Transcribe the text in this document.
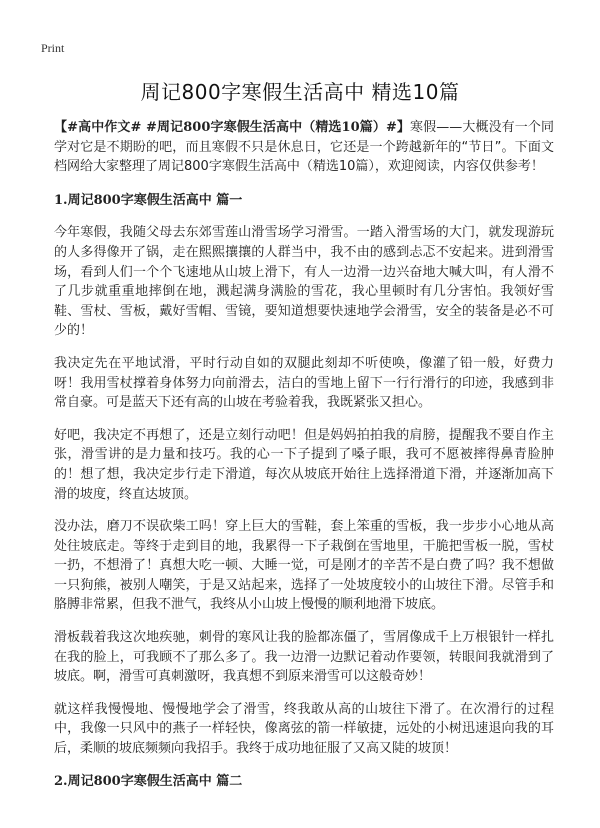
Print
周记800字寒假生活高中 精选10篇

【#高中作文# #周记800字寒假生活高中（精选10篇）#】寒假——大概没有一个同学对它是不期盼的吧，而且寒假不只是休息日，它还是一个跨越新年的“节日”。下面文档网给大家整理了周记800字寒假生活高中（精选10篇），欢迎阅读，内容仅供参考！

1.周记800字寒假生活高中 篇一

今年寒假，我随父母去东郊雪莲山滑雪场学习滑雪。一踏入滑雪场的大门，就发现游玩的人多得像开了锅，走在熙熙攘攘的人群当中，我不由的感到忐忑不安起来。进到滑雪场，看到人们一个个飞速地从山坡上滑下，有人一边滑一边兴奋地大喊大叫，有人滑不了几步就重重地摔倒在地，溅起满身满脸的雪花，我心里顿时有几分害怕。我领好雪鞋、雪杖、雪板，戴好雪帽、雪镜，要知道想要快速地学会滑雪，安全的装备是必不可少的！

我决定先在平地试滑，平时行动自如的双腿此刻却不听使唤，像灌了铅一般，好费力呀！我用雪杖撑着身体努力向前滑去，洁白的雪地上留下一行行滑行的印迹，我感到非常自豪。可是蓝天下还有高的山坡在考验着我，我既紧张又担心。

好吧，我决定不再想了，还是立刻行动吧！但是妈妈拍拍我的肩膀，提醒我不要自作主张，滑雪讲的是力量和技巧。我的心一下子提到了嗓子眼，我可不愿被摔得鼻青脸肿的！想了想，我决定步行走下滑道，每次从坡底开始往上选择滑道下滑，并逐渐加高下滑的坡度，终直达坡顶。

没办法，磨刀不误砍柴工吗！穿上巨大的雪鞋，套上笨重的雪板，我一步步小心地从高处往坡底走。等终于走到目的地，我累得一下子栽倒在雪地里，干脆把雪板一脱，雪杖一扔，不想滑了！真想大吃一顿、大睡一觉，可是刚才的辛苦不是白费了吗？我不想做一只狗熊，被别人嘲笑，于是又站起来，选择了一处坡度较小的山坡往下滑。尽管手和胳膊非常累，但我不泄气，我终从小山坡上慢慢的顺利地滑下坡底。

滑板载着我这次地疾驰，刺骨的寒风让我的脸都冻僵了，雪屑像成千上万根银针一样扎在我的脸上，可我顾不了那么多了。我一边滑一边默记着动作要领，转眼间我就滑到了坡底。啊，滑雪可真刺激呀，我真想不到原来滑雪可以这般奇妙！

就这样我慢慢地、慢慢地学会了滑雪，终我敢从高的山坡往下滑了。在次滑行的过程中，我像一只风中的燕子一样轻快，像离弦的箭一样敏捷，远处的小树迅速退向我的耳后，柔顺的坡底频频向我招手。我终于成功地征服了又高又陡的坡顶！

2.周记800字寒假生活高中 篇二
